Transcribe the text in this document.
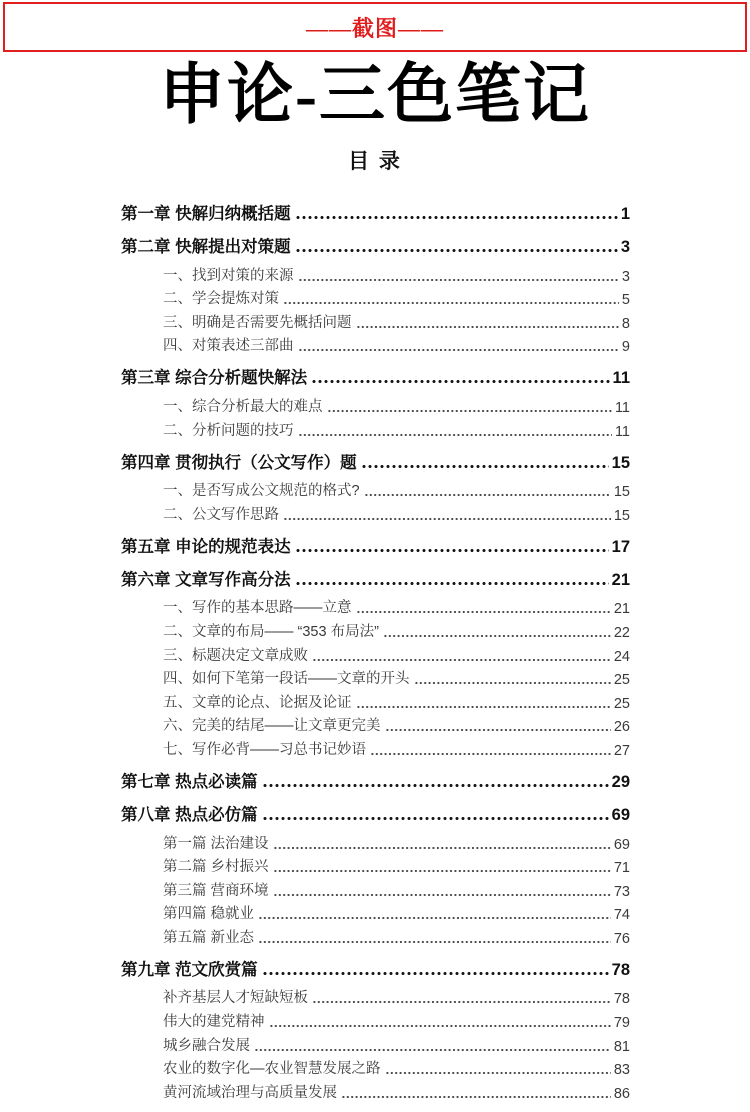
——截图——
申论-三色笔记
目 录
第一章 快解归纳概括题	1
第二章 快解提出对策题	3
一、找到对策的来源	3
二、学会提炼对策	5
三、明确是否需要先概括问题	8
四、对策表述三部曲	9
第三章 综合分析题快解法	11
一、综合分析最大的难点	11
二、分析问题的技巧	11
第四章 贯彻执行（公文写作）题	15
一、是否写成公文规范的格式?	15
二、公文写作思路	15
第五章 申论的规范表达	17
第六章 文章写作高分法	21
一、写作的基本思路——立意	21
二、文章的布局—— “353 布局法”	22
三、标题决定文章成败	24
四、如何下笔第一段话——文章的开头	25
五、文章的论点、论据及论证	25
六、完美的结尾——让文章更完美	26
七、写作必背——习总书记妙语	27
第七章 热点必读篇	29
第八章 热点必仿篇	69
第一篇 法治建设	69
第二篇 乡村振兴	71
第三篇 营商环境	73
第四篇 稳就业	74
第五篇 新业态	76
第九章 范文欣赏篇	78
补齐基层人才短缺短板	78
伟大的建党精神	79
城乡融合发展	81
农业的数字化—农业智慧发展之路	83
黄河流域治理与高质量发展	86
